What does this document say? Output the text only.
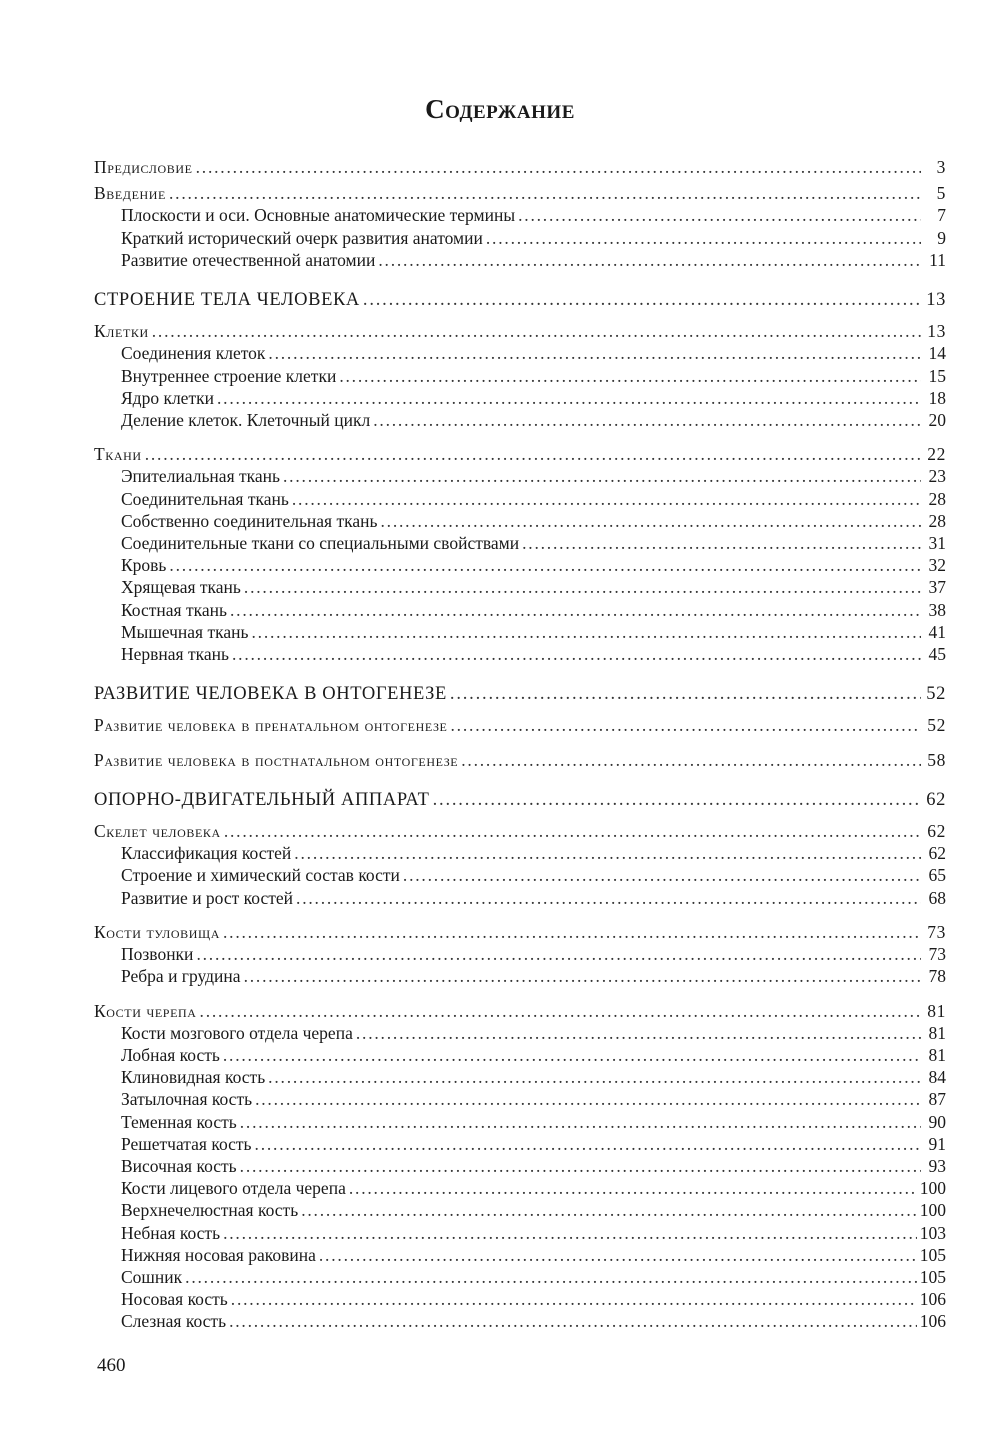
Содержание
Предисловие .....	3
Введение .....	5
Плоскости и оси. Основные анатомические термины .....	7
Краткий исторический очерк развития анатомии .....	9
Развитие отечественной анатомии .....	11
СТРОЕНИЕ ТЕЛА ЧЕЛОВЕКА .....	13
Клетки .....	13
Соединения клеток .....	14
Внутреннее строение клетки .....	15
Ядро клетки .....	18
Деление клеток. Клеточный цикл .....	20
Ткани .....	22
Эпителиальная ткань .....	23
Соединительная ткань .....	28
Собственно соединительная ткань .....	28
Соединительные ткани со специальными свойствами .....	31
Кровь .....	32
Хрящевая ткань .....	37
Костная ткань .....	38
Мышечная ткань .....	41
Нервная ткань .....	45
РАЗВИТИЕ ЧЕЛОВЕКА В ОНТОГЕНЕЗЕ .....	52
Развитие человека в пренатальном онтогенезе .....	52
Развитие человека в постнатальном онтогенезе .....	58
ОПОРНО-ДВИГАТЕЛЬНЫЙ АППАРАТ .....	62
Скелет человека .....	62
Классификация костей .....	62
Строение и химический состав кости .....	65
Развитие и рост костей .....	68
Кости туловища .....	73
Позвонки .....	73
Ребра и грудина .....	78
Кости черепа .....	81
Кости мозгового отдела черепа .....	81
Лобная кость .....	81
Клиновидная кость .....	84
Затылочная кость .....	87
Теменная кость .....	90
Решетчатая кость .....	91
Височная кость .....	93
Кости лицевого отдела черепа .....	100
Верхнечелюстная кость .....	100
Небная кость .....	103
Нижняя носовая раковина .....	105
Сошник .....	105
Носовая кость .....	106
Слезная кость .....	106
460
